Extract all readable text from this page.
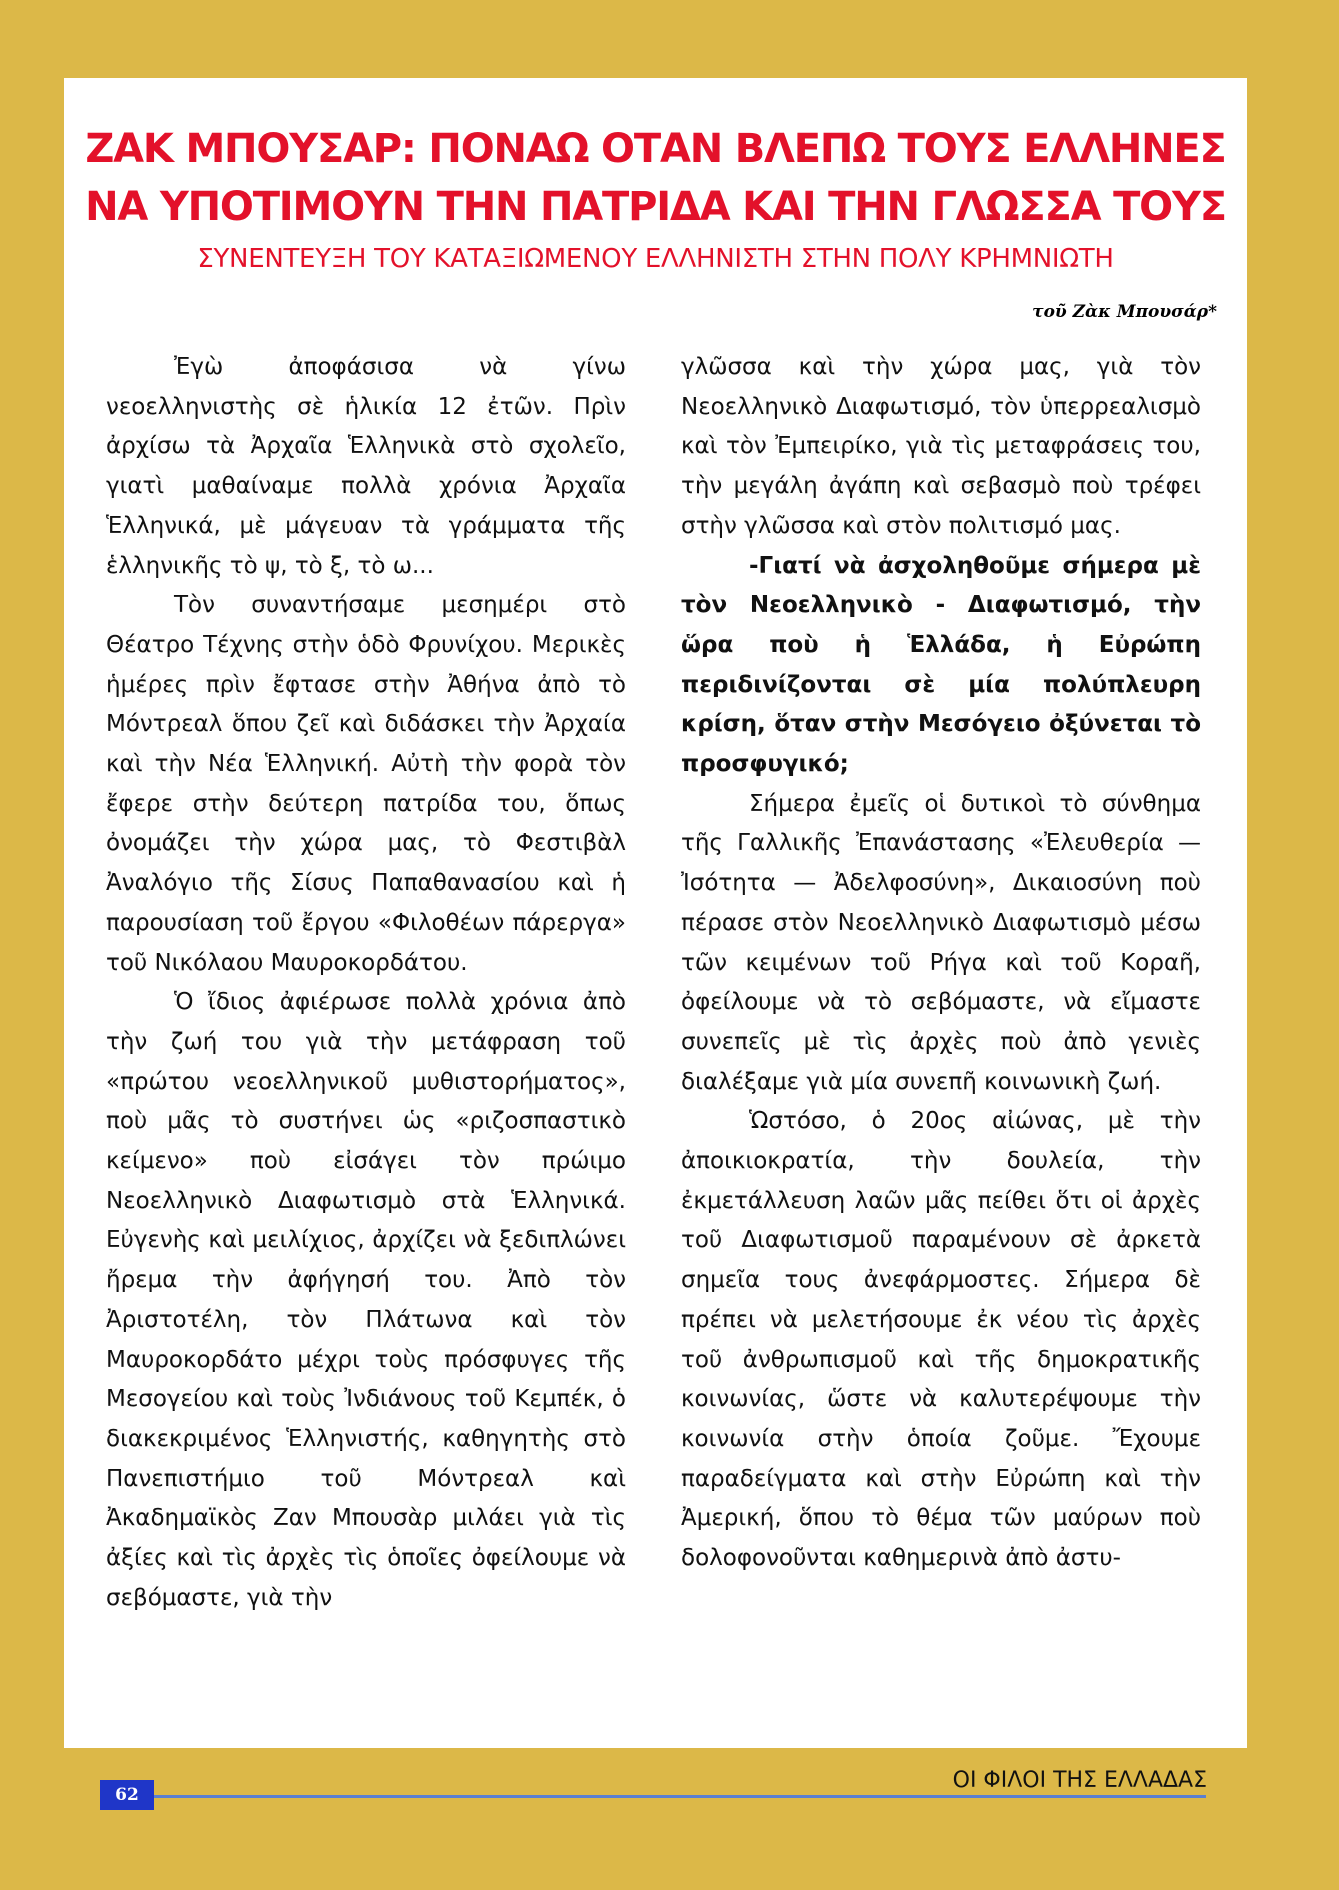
ΖΑΚ ΜΠΟΥΣΑΡ: ΠΟΝΑΩ ΟΤΑΝ ΒΛΕΠΩ ΤΟΥΣ ΕΛΛΗΝΕΣ
ΝΑ ΥΠΟΤΙΜΟΥΝ ΤΗΝ ΠΑΤΡΙΔΑ ΚΑΙ ΤΗΝ ΓΛΩΣΣΑ ΤΟΥΣ
ΣΥΝΕΝΤΕΥΞΗ ΤΟΥ ΚΑΤΑΞΙΩΜΕΝΟΥ ΕΛΛΗΝΙΣΤΗ ΣΤΗΝ ΠΟΛΥ ΚΡΗΜΝΙΩΤΗ
τοῦ Ζὰκ Μπουσάρ*

Ἐγὼ ἀποφάσισα νὰ γίνω νεοελληνιστὴς σὲ ἡλικία 12 ἐτῶν. Πρὶν ἀρχίσω τὰ Ἀρχαῖα Ἑλληνικὰ στὸ σχολεῖο, γιατὶ μαθαίναμε πολλὰ χρόνια Ἀρχαῖα Ἑλληνικά, μὲ μάγευαν τὰ γράμματα τῆς ἑλληνικῆς τὸ ψ, τὸ ξ, τὸ ω...

Τὸν συναντήσαμε μεσημέρι στὸ Θέατρο Τέχνης στὴν ὁδὸ Φρυνίχου. Μερικὲς ἡμέρες πρὶν ἔφτασε στὴν Ἀθήνα ἀπὸ τὸ Μόντρεαλ ὅπου ζεῖ καὶ διδάσκει τὴν Ἀρχαία καὶ τὴν Νέα Ἑλληνική. Αὐτὴ τὴν φορὰ τὸν ἔφερε στὴν δεύτερη πατρίδα του, ὅπως ὀνομάζει τὴν χώρα μας, τὸ Φεστιβὰλ Ἀναλόγιο τῆς Σίσυς Παπαθανασίου καὶ ἡ παρουσίαση τοῦ ἔργου «Φιλοθέων πάρεργα» τοῦ Νικόλαου Μαυροκορδάτου.

Ὁ ἴδιος ἀφιέρωσε πολλὰ χρόνια ἀπὸ τὴν ζωή του γιὰ τὴν μετάφραση τοῦ «πρώτου νεοελληνικοῦ μυθιστορήματος», ποὺ μᾶς τὸ συστήνει ὡς «ριζοσπαστικὸ κείμενο» ποὺ εἰσάγει τὸν πρώιμο Νεοελληνικὸ Διαφωτισμὸ στὰ Ἑλληνικά. Εὐγενὴς καὶ μειλίχιος, ἀρχίζει νὰ ξεδιπλώνει ἤρεμα τὴν ἀφήγησή του. Ἀπὸ τὸν Ἀριστοτέλη, τὸν Πλάτωνα καὶ τὸν Μαυροκορδάτο μέχρι τοὺς πρόσφυγες τῆς Μεσογείου καὶ τοὺς Ἰνδιάνους τοῦ Κεμπέκ, ὁ διακεκριμένος Ἑλληνιστής, καθηγητὴς στὸ Πανεπιστήμιο τοῦ Μόντρεαλ καὶ Ἀκαδημαϊκὸς Ζαν Μπουσὰρ μιλάει γιὰ τὶς ἀξίες καὶ τὶς ἀρχὲς τὶς ὁποῖες ὀφείλουμε νὰ σεβόμαστε, γιὰ τὴν

γλῶσσα καὶ τὴν χώρα μας, γιὰ τὸν Νεοελληνικὸ Διαφωτισμό, τὸν ὑπερρεαλισμὸ καὶ τὸν Ἐμπειρίκο, γιὰ τὶς μεταφράσεις του, τὴν μεγάλη ἀγάπη καὶ σεβασμὸ ποὺ τρέφει στὴν γλῶσσα καὶ στὸν πολιτισμό μας.

-Γιατί νὰ ἀσχοληθοῦμε σήμερα μὲ τὸν Νεοελληνικὸ - Διαφωτισμό, τὴν ὥρα ποὺ ἡ Ἑλλάδα, ἡ Εὐρώπη περιδινίζονται σὲ μία πολύπλευρη κρίση, ὅταν στὴν Μεσόγειο ὀξύνεται τὸ προσφυγικό;

Σήμερα ἐμεῖς οἱ δυτικοὶ τὸ σύνθημα τῆς Γαλλικῆς Ἐπανάστασης «Ἐλευθερία — Ἰσότητα — Ἀδελφοσύνη», Δικαιοσύνη ποὺ πέρασε στὸν Νεοελληνικὸ Διαφωτισμὸ μέσω τῶν κειμένων τοῦ Ρήγα καὶ τοῦ Κοραῆ, ὀφείλουμε νὰ τὸ σεβόμαστε, νὰ εἴμαστε συνεπεῖς μὲ τὶς ἀρχὲς ποὺ ἀπὸ γενιὲς διαλέξαμε γιὰ μία συνεπῆ κοινωνικὴ ζωή.

Ὡστόσο, ὁ 20ος αἰώνας, μὲ τὴν ἀποικιοκρατία, τὴν δουλεία, τὴν ἐκμετάλλευση λαῶν μᾶς πείθει ὅτι οἱ ἀρχὲς τοῦ Διαφωτισμοῦ παραμένουν σὲ ἀρκετὰ σημεῖα τους ἀνεφάρμοστες. Σήμερα δὲ πρέπει νὰ μελετήσουμε ἐκ νέου τὶς ἀρχὲς τοῦ ἀνθρωπισμοῦ καὶ τῆς δημοκρατικῆς κοινωνίας, ὥστε νὰ καλυτερέψουμε τὴν κοινωνία στὴν ὁποία ζοῦμε. Ἔχουμε παραδείγματα καὶ στὴν Εὐρώπη καὶ τὴν Ἀμερική, ὅπου τὸ θέμα τῶν μαύρων ποὺ δολοφονοῦνται καθημερινὰ ἀπὸ ἀστυ-

62
ΟΙ ΦΙΛΟΙ ΤΗΣ ΕΛΛΑΔΑΣ
